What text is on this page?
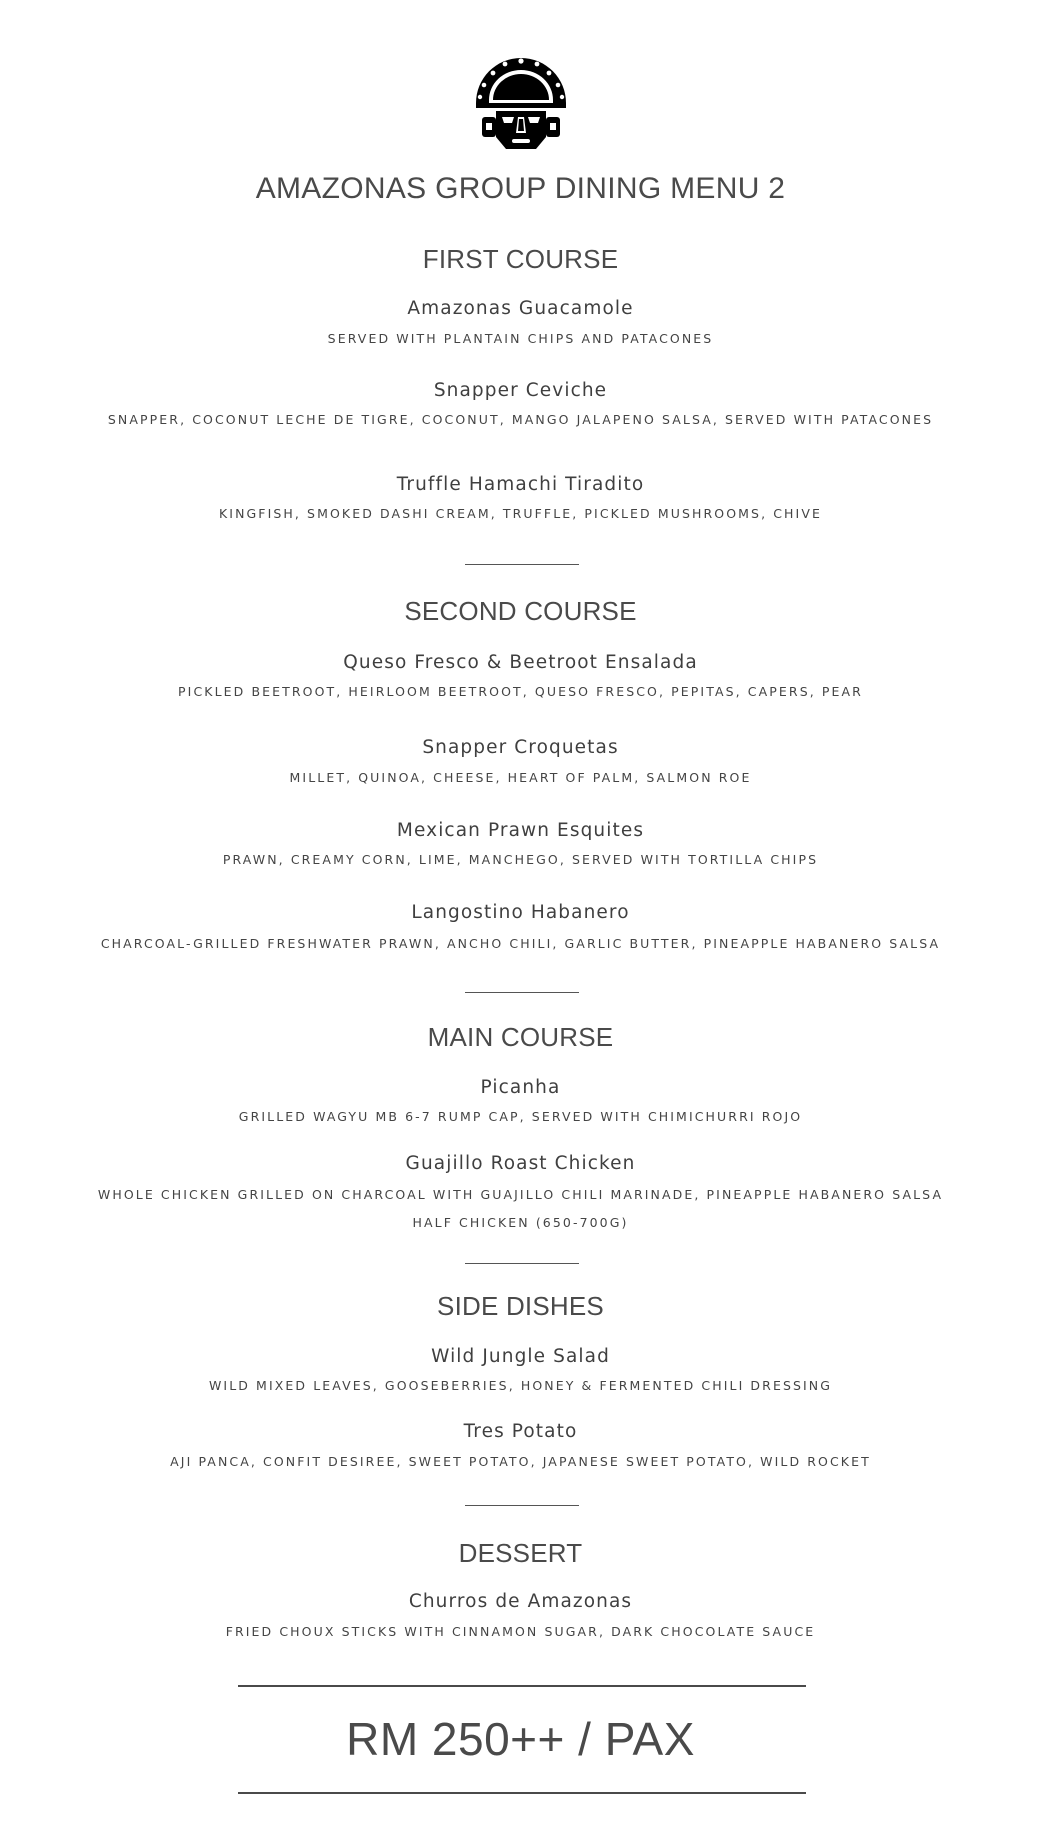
AMAZONAS GROUP DINING MENU 2
FIRST COURSE
Amazonas Guacamole
SERVED WITH PLANTAIN CHIPS AND PATACONES
Snapper Ceviche
SNAPPER, COCONUT LECHE DE TIGRE, COCONUT, MANGO JALAPENO SALSA, SERVED WITH PATACONES
Truffle Hamachi Tiradito
KINGFISH, SMOKED DASHI CREAM, TRUFFLE, PICKLED MUSHROOMS, CHIVE
SECOND COURSE
Queso Fresco & Beetroot Ensalada
PICKLED BEETROOT, HEIRLOOM BEETROOT, QUESO FRESCO, PEPITAS, CAPERS, PEAR
Snapper Croquetas
MILLET, QUINOA, CHEESE, HEART OF PALM, SALMON ROE
Mexican Prawn Esquites
PRAWN, CREAMY CORN, LIME, MANCHEGO, SERVED WITH TORTILLA CHIPS
Langostino Habanero
CHARCOAL-GRILLED FRESHWATER PRAWN, ANCHO CHILI, GARLIC BUTTER, PINEAPPLE HABANERO SALSA
MAIN COURSE
Picanha
GRILLED WAGYU MB 6-7 RUMP CAP, SERVED WITH CHIMICHURRI ROJO
Guajillo Roast Chicken
WHOLE CHICKEN GRILLED ON CHARCOAL WITH GUAJILLO CHILI MARINADE, PINEAPPLE HABANERO SALSA
HALF CHICKEN (650-700G)
SIDE DISHES
Wild Jungle Salad
WILD MIXED LEAVES, GOOSEBERRIES, HONEY & FERMENTED CHILI DRESSING
Tres Potato
AJI PANCA, CONFIT DESIREE, SWEET POTATO, JAPANESE SWEET POTATO, WILD ROCKET
DESSERT
Churros de Amazonas
FRIED CHOUX STICKS WITH CINNAMON SUGAR, DARK CHOCOLATE SAUCE
RM 250++ / PAX
